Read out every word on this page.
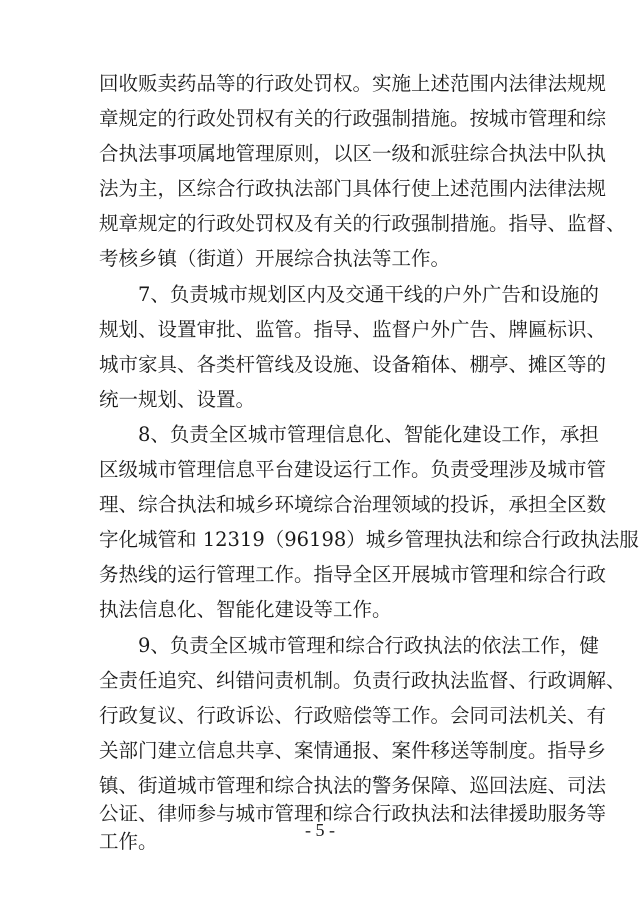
回收贩卖药品等的行政处罚权。实施上述范围内法律法规规
章规定的行政处罚权有关的行政强制措施。按城市管理和综
合执法事项属地管理原则，以区一级和派驻综合执法中队执
法为主，区综合行政执法部门具体行使上述范围内法律法规
规章规定的行政处罚权及有关的行政强制措施。指导、监督、
考核乡镇（街道）开展综合执法等工作。
7、负责城市规划区内及交通干线的户外广告和设施的
规划、设置审批、监管。指导、监督户外广告、牌匾标识、
城市家具、各类杆管线及设施、设备箱体、棚亭、摊区等的
统一规划、设置。
8、负责全区城市管理信息化、智能化建设工作，承担
区级城市管理信息平台建设运行工作。负责受理涉及城市管
理、综合执法和城乡环境综合治理领域的投诉，承担全区数
字化城管和 12319（96198）城乡管理执法和综合行政执法服
务热线的运行管理工作。指导全区开展城市管理和综合行政
执法信息化、智能化建设等工作。
9、负责全区城市管理和综合行政执法的依法工作，健
全责任追究、纠错问责机制。负责行政执法监督、行政调解、
行政复议、行政诉讼、行政赔偿等工作。会同司法机关、有
关部门建立信息共享、案情通报、案件移送等制度。指导乡
镇、街道城市管理和综合执法的警务保障、巡回法庭、司法
公证、律师参与城市管理和综合行政执法和法律援助服务等
工作。	- 5 -
